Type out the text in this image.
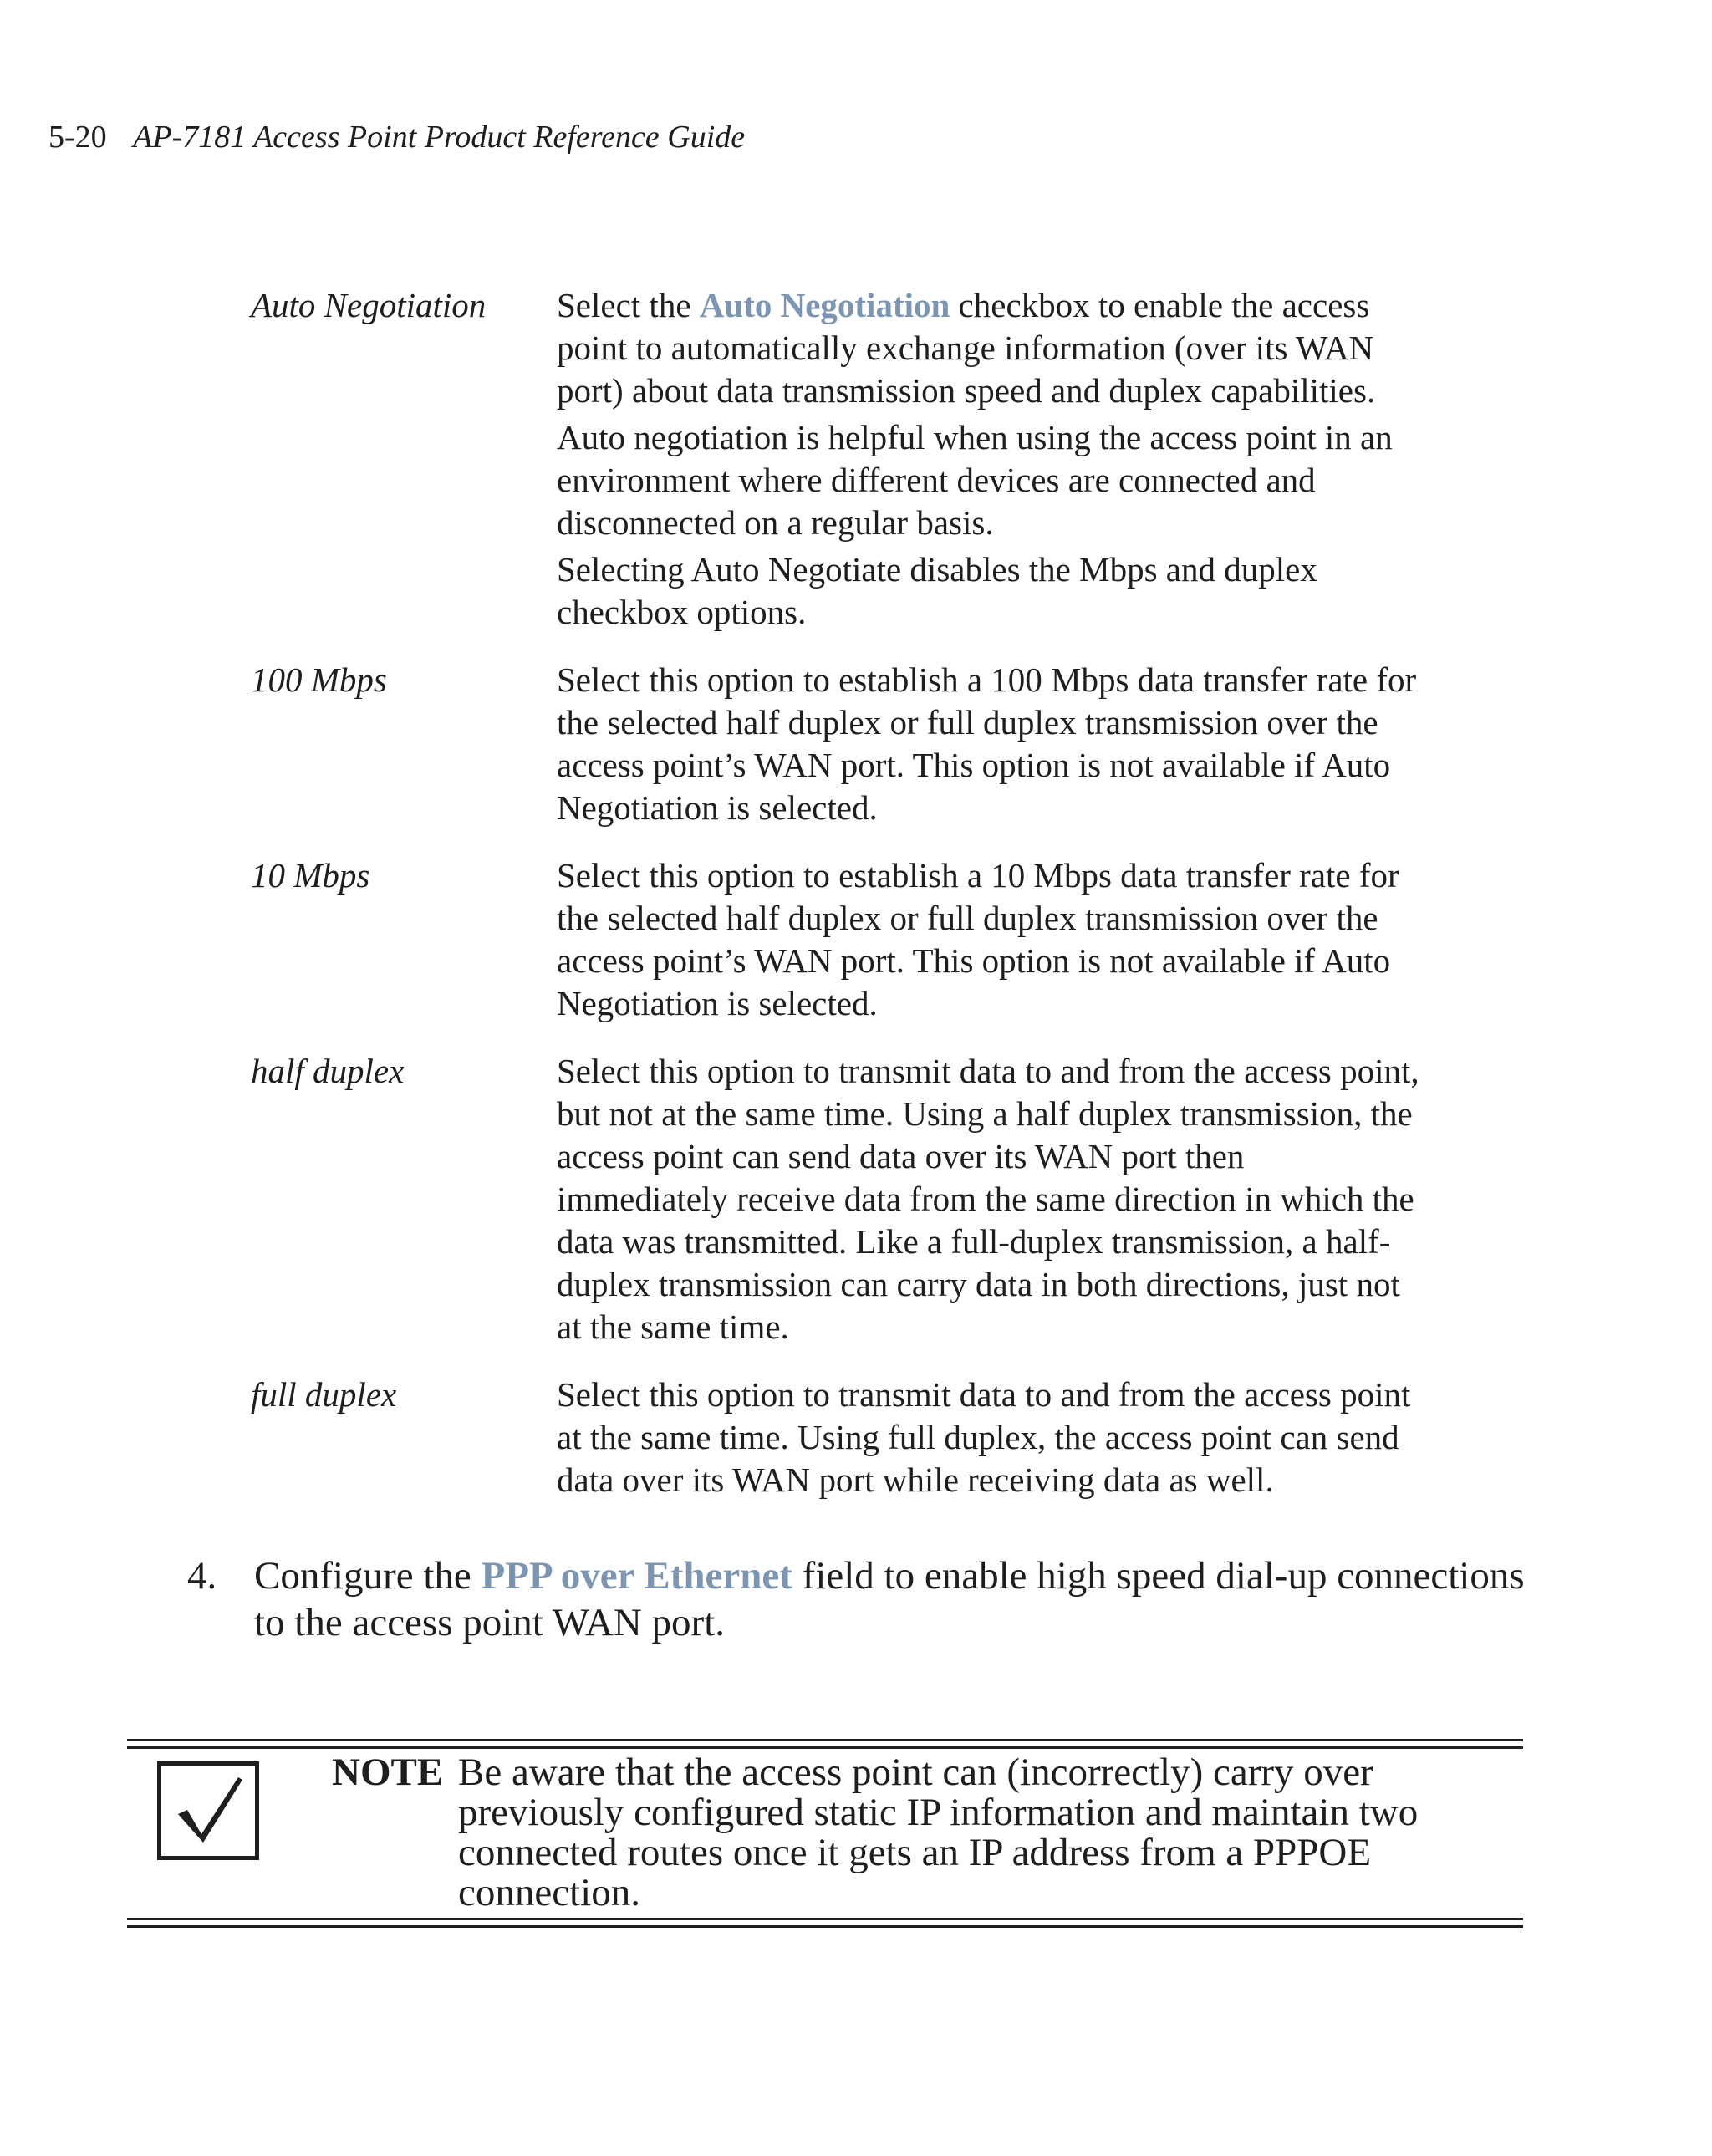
5-20 AP-7181 Access Point Product Reference Guide
Auto Negotiation	Select the Auto Negotiation checkbox to enable the access point to automatically exchange information (over its WAN port) about data transmission speed and duplex capabilities.

Auto negotiation is helpful when using the access point in an environment where different devices are connected and disconnected on a regular basis.

Selecting Auto Negotiate disables the Mbps and duplex checkbox options.

100 Mbps	Select this option to establish a 100 Mbps data transfer rate for the selected half duplex or full duplex transmission over the access point’s WAN port. This option is not available if Auto Negotiation is selected.

10 Mbps	Select this option to establish a 10 Mbps data transfer rate for the selected half duplex or full duplex transmission over the access point’s WAN port. This option is not available if Auto Negotiation is selected.

half duplex	Select this option to transmit data to and from the access point, but not at the same time. Using a half duplex transmission, the access point can send data over its WAN port then immediately receive data from the same direction in which the data was transmitted. Like a full-duplex transmission, a half-duplex transmission can carry data in both directions, just not at the same time.

full duplex	Select this option to transmit data to and from the access point at the same time. Using full duplex, the access point can send data over its WAN port while receiving data as well.

4. Configure the PPP over Ethernet field to enable high speed dial-up connections to the access point WAN port.
NOTE Be aware that the access point can (incorrectly) carry over previously configured static IP information and maintain two connected routes once it gets an IP address from a PPPOE connection.
